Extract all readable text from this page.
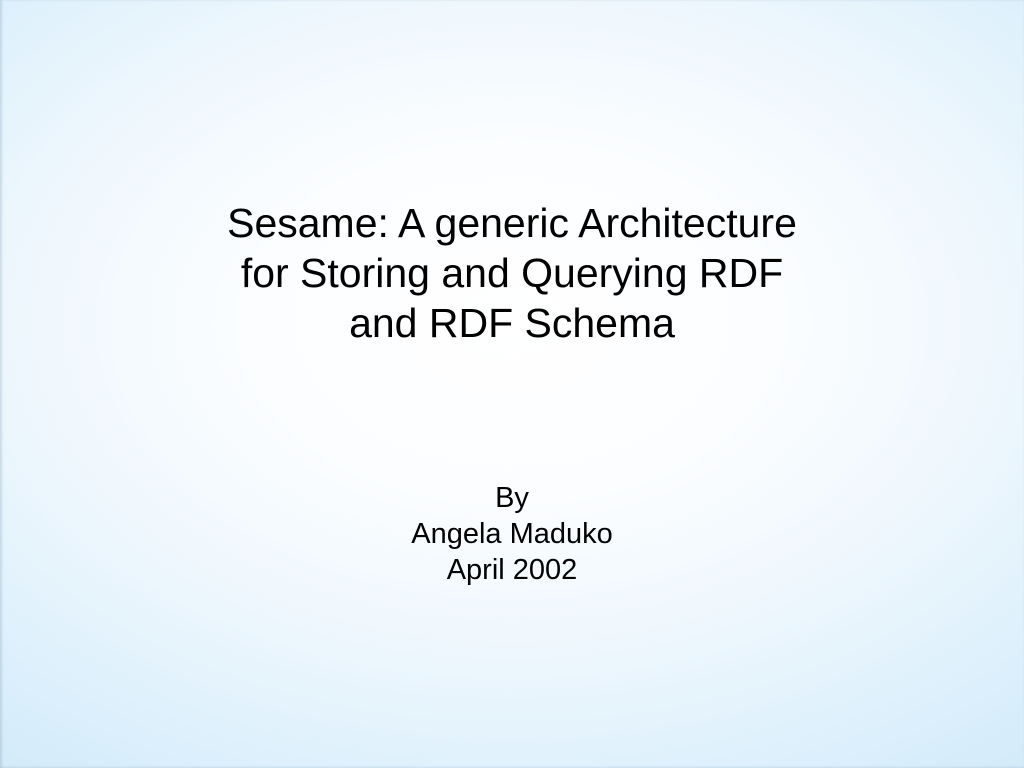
Sesame: A generic Architecture
for Storing and Querying RDF
and RDF Schema
By
Angela Maduko
April 2002
